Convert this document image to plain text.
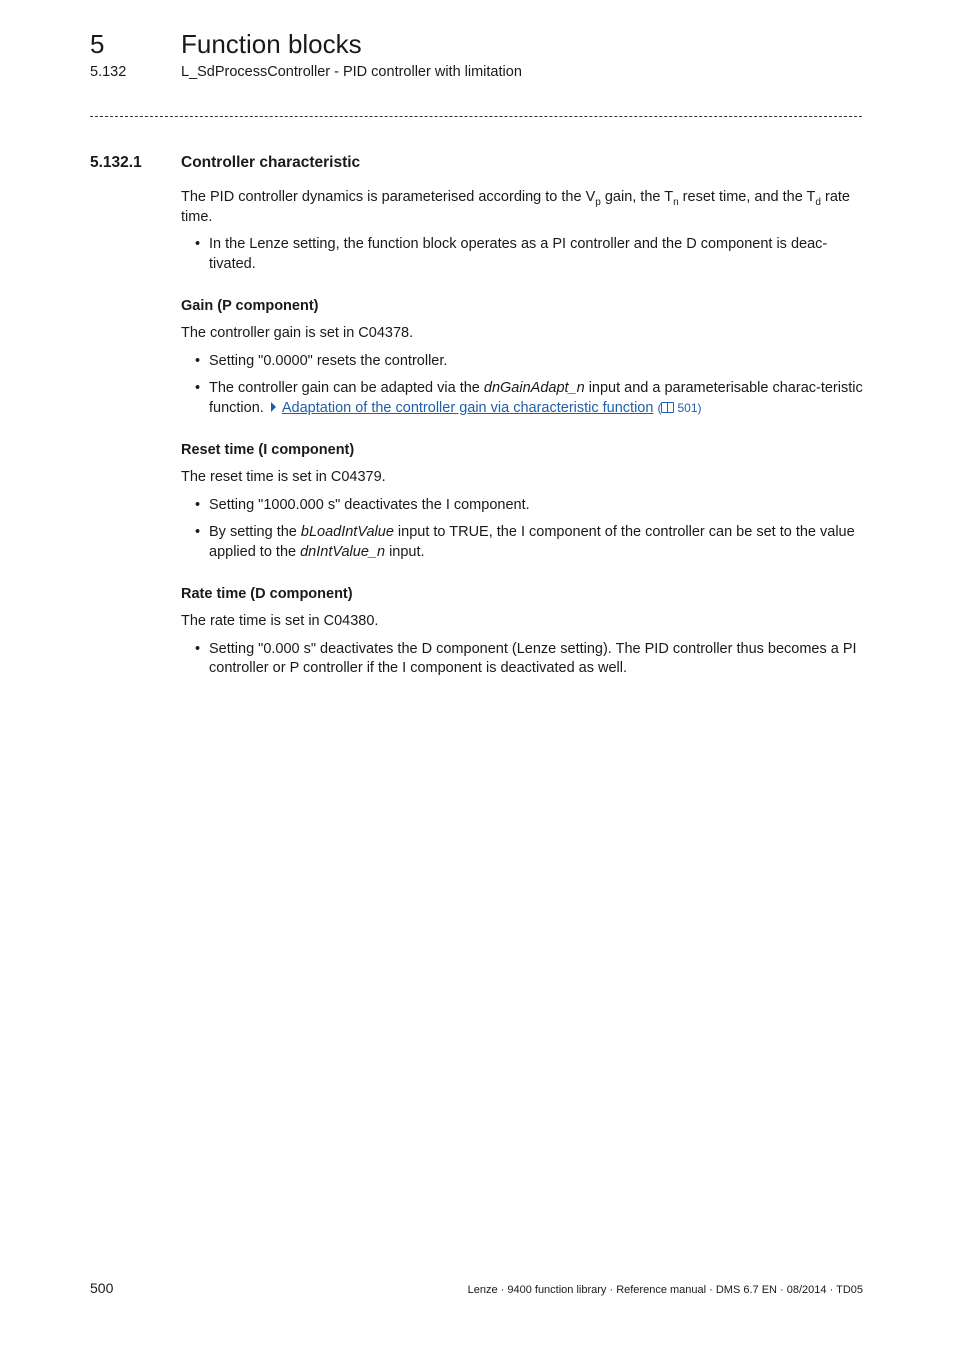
5	Function blocks
5.132	L_SdProcessController - PID controller with limitation
5.132.1	Controller characteristic

The PID controller dynamics is parameterised according to the $V_p$ gain, the $T_n$ reset time, and the $T_d$ rate time.

• In the Lenze setting, the function block operates as a PI controller and the D component is deac-tivated.
Gain (P component)

The controller gain is set in C04378.

• Setting "0.0000" resets the controller.
• The controller gain can be adapted via the dnGainAdapt_n input and a parameterisable charac-teristic function. Adaptation of the controller gain via characteristic function ( 501)
Reset time (I component)

The reset time is set in C04379.

• Setting "1000.000 s" deactivates the I component.
• By setting the bLoadIntValue input to TRUE, the I component of the controller can be set to the value applied to the dnIntValue_n input.
Rate time (D component)

The rate time is set in C04380.

• Setting "0.000 s" deactivates the D component (Lenze setting). The PID controller thus becomes a PI controller or P controller if the I component is deactivated as well.
500	Lenze · 9400 function library · Reference manual · DMS 6.7 EN · 08/2014 · TD05
